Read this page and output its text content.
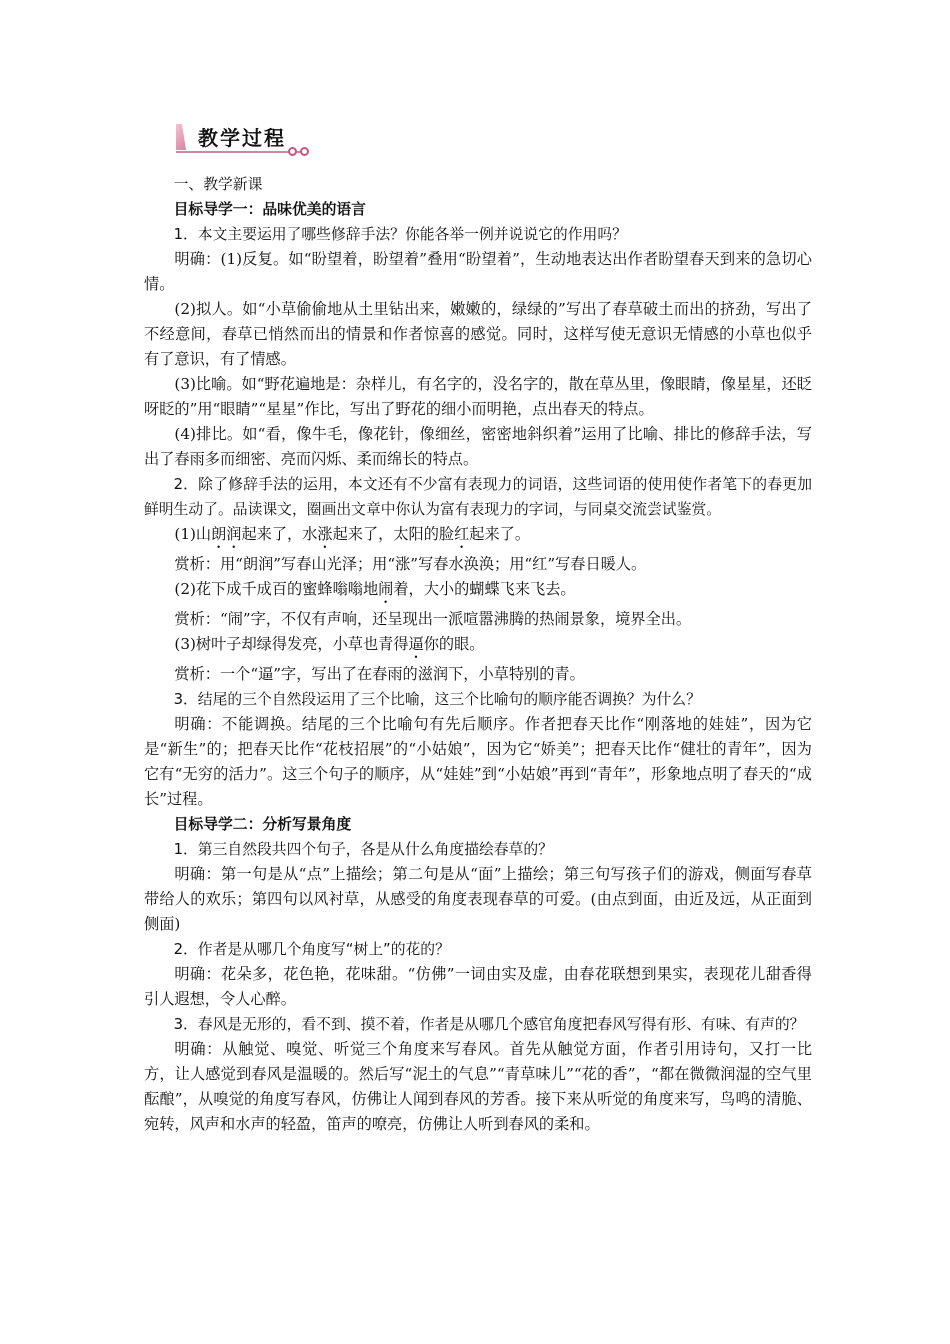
教学过程

一、教学新课

目标导学一：品味优美的语言

1．本文主要运用了哪些修辞手法？你能各举一例并说说它的作用吗？

明确：(1)反复。如“盼望着，盼望着”叠用“盼望着”，生动地表达出作者盼望春天到来的急切心情。

(2)拟人。如“小草偷偷地从土里钻出来，嫩嫩的，绿绿的”写出了春草破土而出的挤劲，写出了不经意间，春草已悄然而出的情景和作者惊喜的感觉。同时，这样写使无意识无情感的小草也似乎有了意识，有了情感。

(3)比喻。如“野花遍地是：杂样儿，有名字的，没名字的，散在草丛里，像眼睛，像星星，还眨呀眨的”用“眼睛”“星星”作比，写出了野花的细小而明艳，点出春天的特点。

(4)排比。如“看，像牛毛，像花针，像细丝，密密地斜织着”运用了比喻、排比的修辞手法，写出了春雨多而细密、亮而闪烁、柔而绵长的特点。

2．除了修辞手法的运用，本文还有不少富有表现力的词语，这些词语的使用使作者笔下的春更加鲜明生动了。品读课文，圈画出文章中你认为富有表现力的字词，与同桌交流尝试鉴赏。

(1)山朗润起来了，水涨起来了，太阳的脸红起来了。

赏析：用“朗润”写春山光泽；用“涨”写春水涣涣；用“红”写春日暖人。

(2)花下成千成百的蜜蜂嗡嗡地闹着，大小的蝴蝶飞来飞去。

赏析：“闹”字，不仅有声响，还呈现出一派喧嚣沸腾的热闹景象，境界全出。

(3)树叶子却绿得发亮，小草也青得逼你的眼。

赏析：一个“逼”字，写出了在春雨的滋润下，小草特别的青。

3．结尾的三个自然段运用了三个比喻，这三个比喻句的顺序能否调换？为什么？

明确：不能调换。结尾的三个比喻句有先后顺序。作者把春天比作“刚落地的娃娃”，因为它是“新生”的；把春天比作“花枝招展”的“小姑娘”，因为它“娇美”；把春天比作“健壮的青年”，因为它有“无穷的活力”。这三个句子的顺序，从“娃娃”到“小姑娘”再到“青年”，形象地点明了春天的“成长”过程。

目标导学二：分析写景角度

1．第三自然段共四个句子，各是从什么角度描绘春草的？

明确：第一句是从“点”上描绘；第二句是从“面”上描绘；第三句写孩子们的游戏，侧面写春草带给人的欢乐；第四句以风衬草，从感受的角度表现春草的可爱。(由点到面，由近及远，从正面到侧面)

2．作者是从哪几个角度写“树上”的花的？

明确：花朵多，花色艳，花味甜。“仿佛”一词由实及虚，由春花联想到果实，表现花儿甜香得引人遐想，令人心醉。

3．春风是无形的，看不到、摸不着，作者是从哪几个感官角度把春风写得有形、有味、有声的？

明确：从触觉、嗅觉、听觉三个角度来写春风。首先从触觉方面，作者引用诗句，又打一比方，让人感觉到春风是温暖的。然后写“泥土的气息”“青草味儿”“花的香”，“都在微微润湿的空气里酝酿”，从嗅觉的角度写春风，仿佛让人闻到春风的芳香。接下来从听觉的角度来写，鸟鸣的清脆、宛转，风声和水声的轻盈，笛声的嘹亮，仿佛让人听到春风的柔和。
